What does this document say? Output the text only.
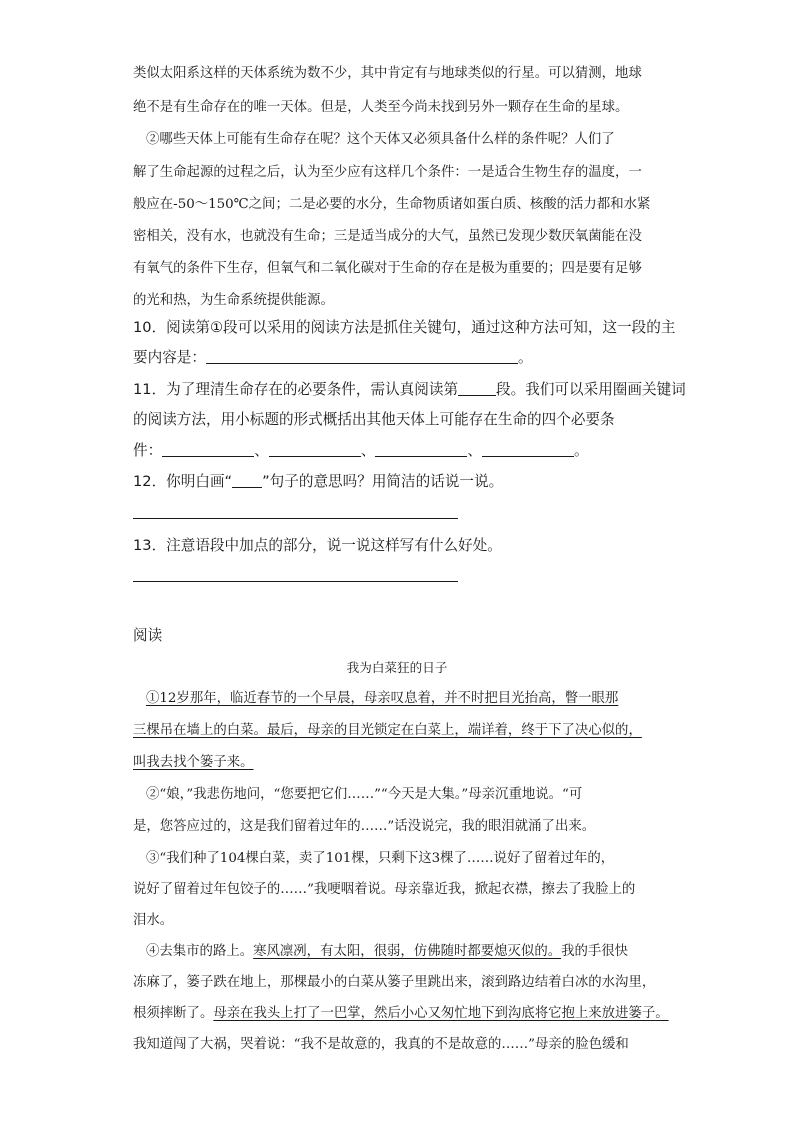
类似太阳系这样的天体系统为数不少，其中肯定有与地球类似的行星。可以猜测，地球
绝不是有生命存在的唯一天体。但是，人类至今尚未找到另外一颗存在生命的星球。
②哪些天体上可能有生命存在呢？这个天体又必须具备什么样的条件呢？人们了
解了生命起源的过程之后，认为至少应有这样几个条件：一是适合生物生存的温度，一
般应在-50～150℃之间；二是必要的水分，生命物质诸如蛋白质、核酸的活力都和水紧
密相关，没有水，也就没有生命；三是适当成分的大气，虽然已发现少数厌氧菌能在没
有氧气的条件下生存，但氧气和二氧化碳对于生命的存在是极为重要的；四是要有足够
的光和热，为生命系统提供能源。
10．阅读第①段可以采用的阅读方法是抓住关键句，通过这种方法可知，这一段的主
要内容是：	。
11．为了理清生命存在的必要条件，需认真阅读第	段。我们可以采用圈画关键词
的阅读方法，用小标题的形式概括出其他天体上可能存在生命的四个必要条
件：	、	、	、	。
12．你明白画“ ”句子的意思吗？用简洁的话说一说。
13．注意语段中加点的部分，说一说这样写有什么好处。
阅读
我为白菜狂的日子
①12岁那年，临近春节的一个早晨，母亲叹息着，并不时把目光抬高，瞥一眼那
三棵吊在墙上的白菜。最后，母亲的目光锁定在白菜上，端详着，终于下了决心似的，
叫我去找个篓子来。
②“娘，”我悲伤地问，“您要把它们……”“今天是大集。”母亲沉重地说。“可
是，您答应过的，这是我们留着过年的……”话没说完，我的眼泪就涌了出来。
③“我们种了104棵白菜，卖了101棵，只剩下这3棵了……说好了留着过年的，
说好了留着过年包饺子的……”我哽咽着说。母亲靠近我，掀起衣襟，擦去了我脸上的
泪水。
④去集市的路上。寒风凛冽，有太阳，很弱，仿佛随时都要熄灭似的。我的手很快
冻麻了，篓子跌在地上，那棵最小的白菜从篓子里跳出来，滚到路边结着白冰的水沟里，
根须摔断了。母亲在我头上打了一巴掌，然后小心又匆忙地下到沟底将它抱上来放进篓子。
我知道闯了大祸，哭着说：“我不是故意的，我真的不是故意的……”母亲的脸色缓和
